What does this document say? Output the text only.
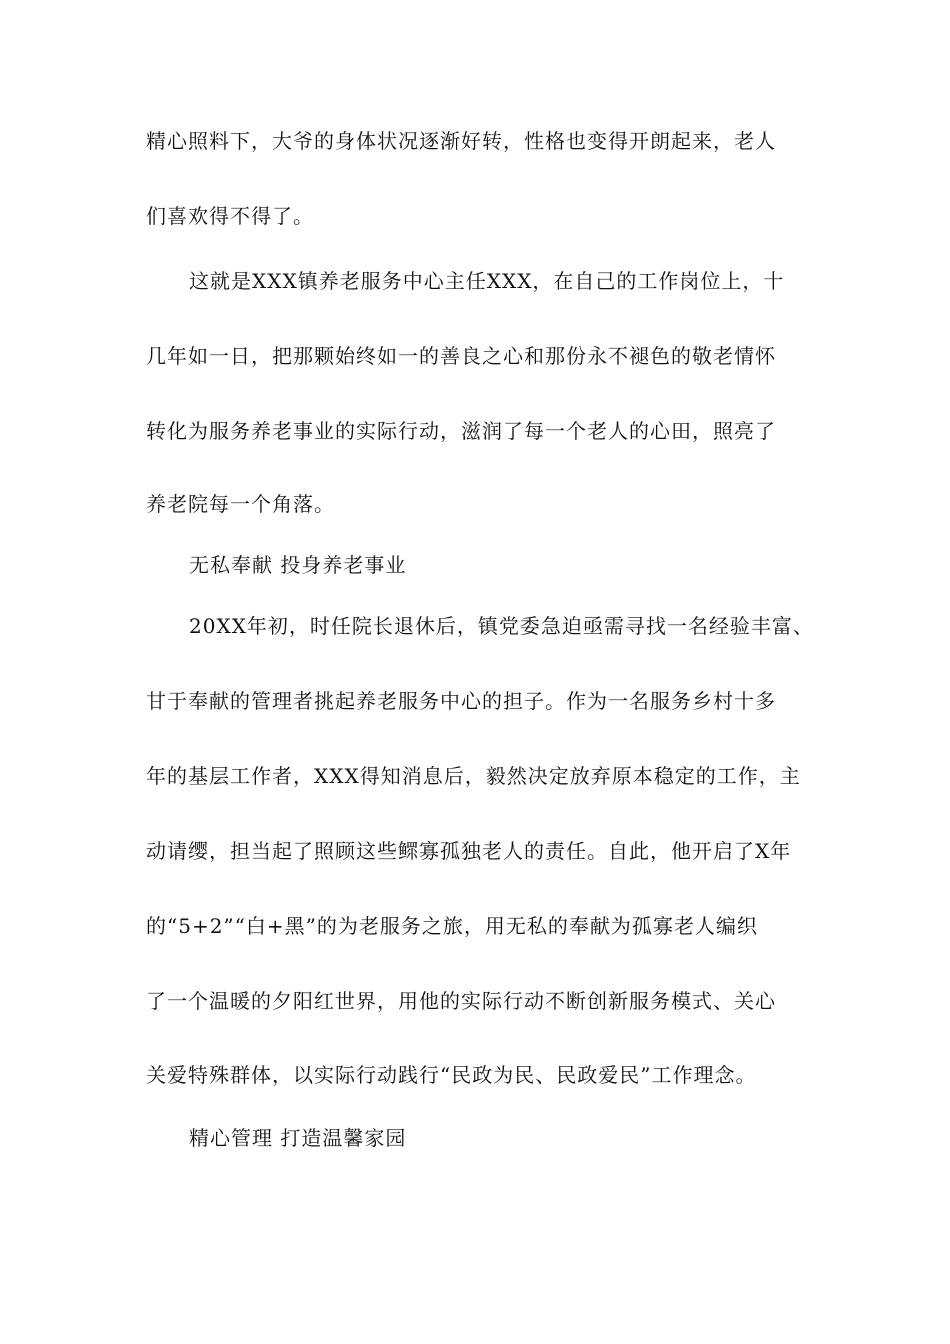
精心照料下，大爷的身体状况逐渐好转，性格也变得开朗起来，老人
们喜欢得不得了。
这就是XXX镇养老服务中心主任XXX，在自己的工作岗位上，十
几年如一日，把那颗始终如一的善良之心和那份永不褪色的敬老情怀
转化为服务养老事业的实际行动，滋润了每一个老人的心田，照亮了
养老院每一个角落。
无私奉献 投身养老事业
20XX年初，时任院长退休后，镇党委急迫亟需寻找一名经验丰富、
甘于奉献的管理者挑起养老服务中心的担子。作为一名服务乡村十多
年的基层工作者，XXX得知消息后，毅然决定放弃原本稳定的工作，主
动请缨，担当起了照顾这些鳏寡孤独老人的责任。自此，他开启了X年
的“5+2”“白+黑”的为老服务之旅，用无私的奉献为孤寡老人编织
了一个温暖的夕阳红世界，用他的实际行动不断创新服务模式、关心
关爱特殊群体，以实际行动践行“民政为民、民政爱民”工作理念。
精心管理 打造温馨家园
